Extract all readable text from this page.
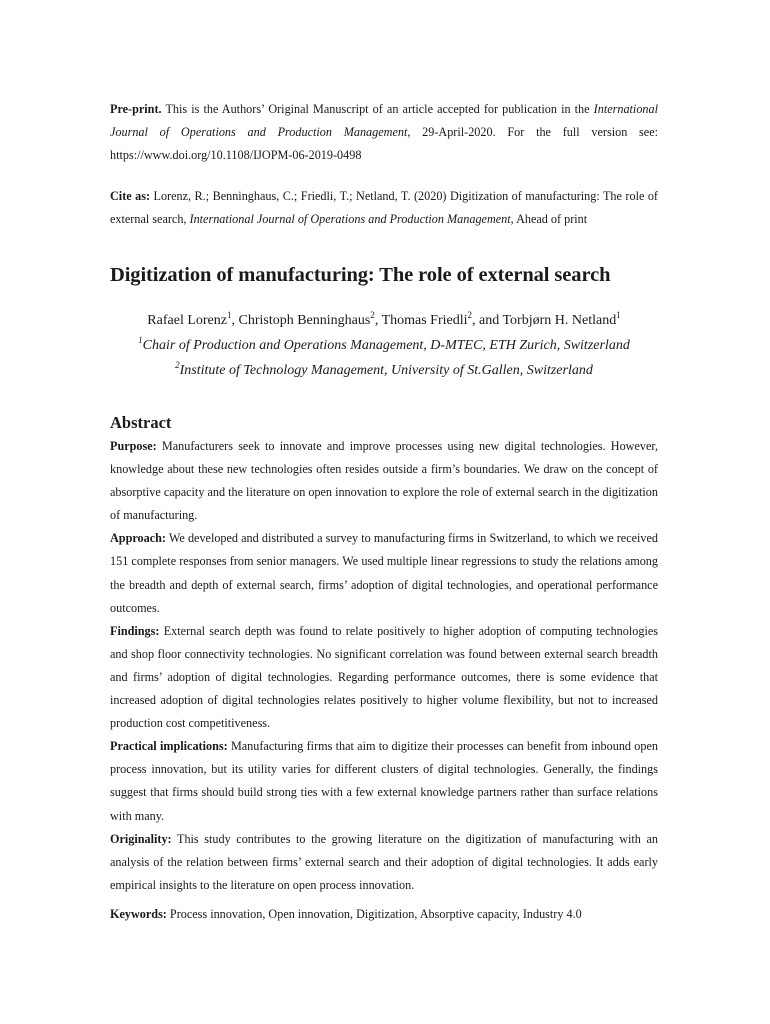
Pre-print. This is the Authors’ Original Manuscript of an article accepted for publication in the International Journal of Operations and Production Management, 29-April-2020. For the full version see: https://www.doi.org/10.1108/IJOPM-06-2019-0498

Cite as: Lorenz, R.; Benninghaus, C.; Friedli, T.; Netland, T. (2020) Digitization of manufacturing: The role of external search, International Journal of Operations and Production Management, Ahead of print

Digitization of manufacturing: The role of external search
Rafael Lorenz$^1$, Christoph Benninghaus$^2$, Thomas Friedli$^2$, and Torbjørn H. Netland$^1$
$^1$Chair of Production and Operations Management, D-MTEC, ETH Zurich, Switzerland
$^2$Institute of Technology Management, University of St.Gallen, Switzerland
Abstract

Purpose: Manufacturers seek to innovate and improve processes using new digital technologies. However, knowledge about these new technologies often resides outside a firm’s boundaries. We draw on the concept of absorptive capacity and the literature on open innovation to explore the role of external search in the digitization of manufacturing.

Approach: We developed and distributed a survey to manufacturing firms in Switzerland, to which we received 151 complete responses from senior managers. We used multiple linear regressions to study the relations among the breadth and depth of external search, firms’ adoption of digital technologies, and operational performance outcomes.

Findings: External search depth was found to relate positively to higher adoption of computing technologies and shop floor connectivity technologies. No significant correlation was found between external search breadth and firms’ adoption of digital technologies. Regarding performance outcomes, there is some evidence that increased adoption of digital technologies relates positively to higher volume flexibility, but not to increased production cost competitiveness.

Practical implications: Manufacturing firms that aim to digitize their processes can benefit from inbound open process innovation, but its utility varies for different clusters of digital technologies. Generally, the findings suggest that firms should build strong ties with a few external knowledge partners rather than surface relations with many.

Originality: This study contributes to the growing literature on the digitization of manufacturing with an analysis of the relation between firms’ external search and their adoption of digital technologies. It adds early empirical insights to the literature on open process innovation.

Keywords: Process innovation, Open innovation, Digitization, Absorptive capacity, Industry 4.0
